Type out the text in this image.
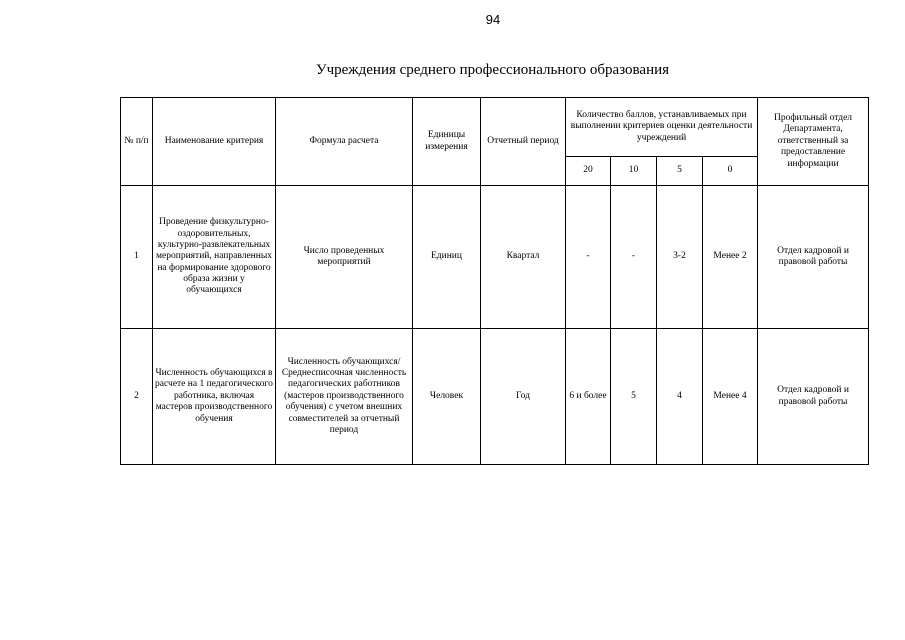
94
Учреждения среднего профессионального образования
№ п/п	Наименование критерия	Формула расчета	Единицы измерения	Отчетный период	Количество баллов, устанавливаемых при выполнении критериев оценки деятельности учреждений				Профильный отдел Департамента, ответственный за предоставление информации
					20	10	5	0	
1	Проведение физкультурно-оздоровительных, культурно-развлекательных мероприятий, направленных на формирование здорового образа жизни у обучающихся	Число проведенных мероприятий	Единиц	Квартал	-	-	3-2	Менее 2	Отдел кадровой и правовой работы
2	Численность обучающихся в расчете на 1 педагогического работника, включая мастеров производственного обучения	Численность обучающихся/ Среднесписочная численность педагогических работников (мастеров производственного обучения) с учетом внешних совместителей за отчетный период	Человек	Год	6 и более	5	4	Менее 4	Отдел кадровой и правовой работы
